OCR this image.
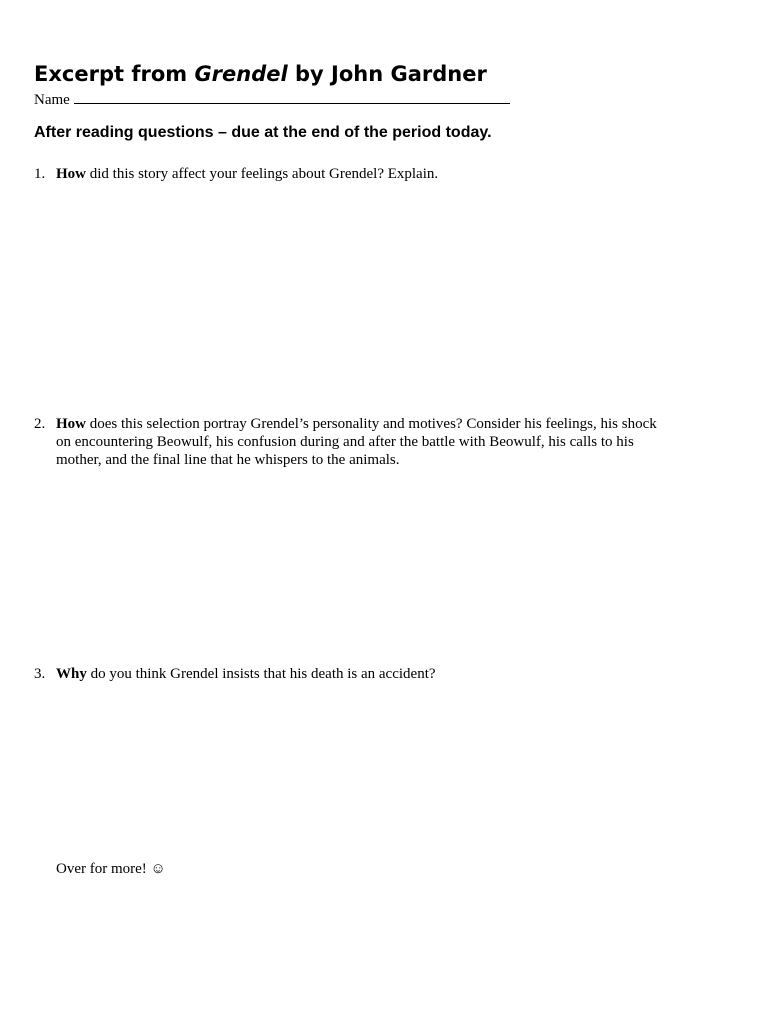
Excerpt from Grendel by John Gardner
Name
After reading questions – due at the end of the period today.
1. How did this story affect your feelings about Grendel? Explain.
2. How does this selection portray Grendel’s personality and motives? Consider his feelings, his shock on encountering Beowulf, his confusion during and after the battle with Beowulf, his calls to his mother, and the final line that he whispers to the animals.
3. Why do you think Grendel insists that his death is an accident?
Over for more! ☺
